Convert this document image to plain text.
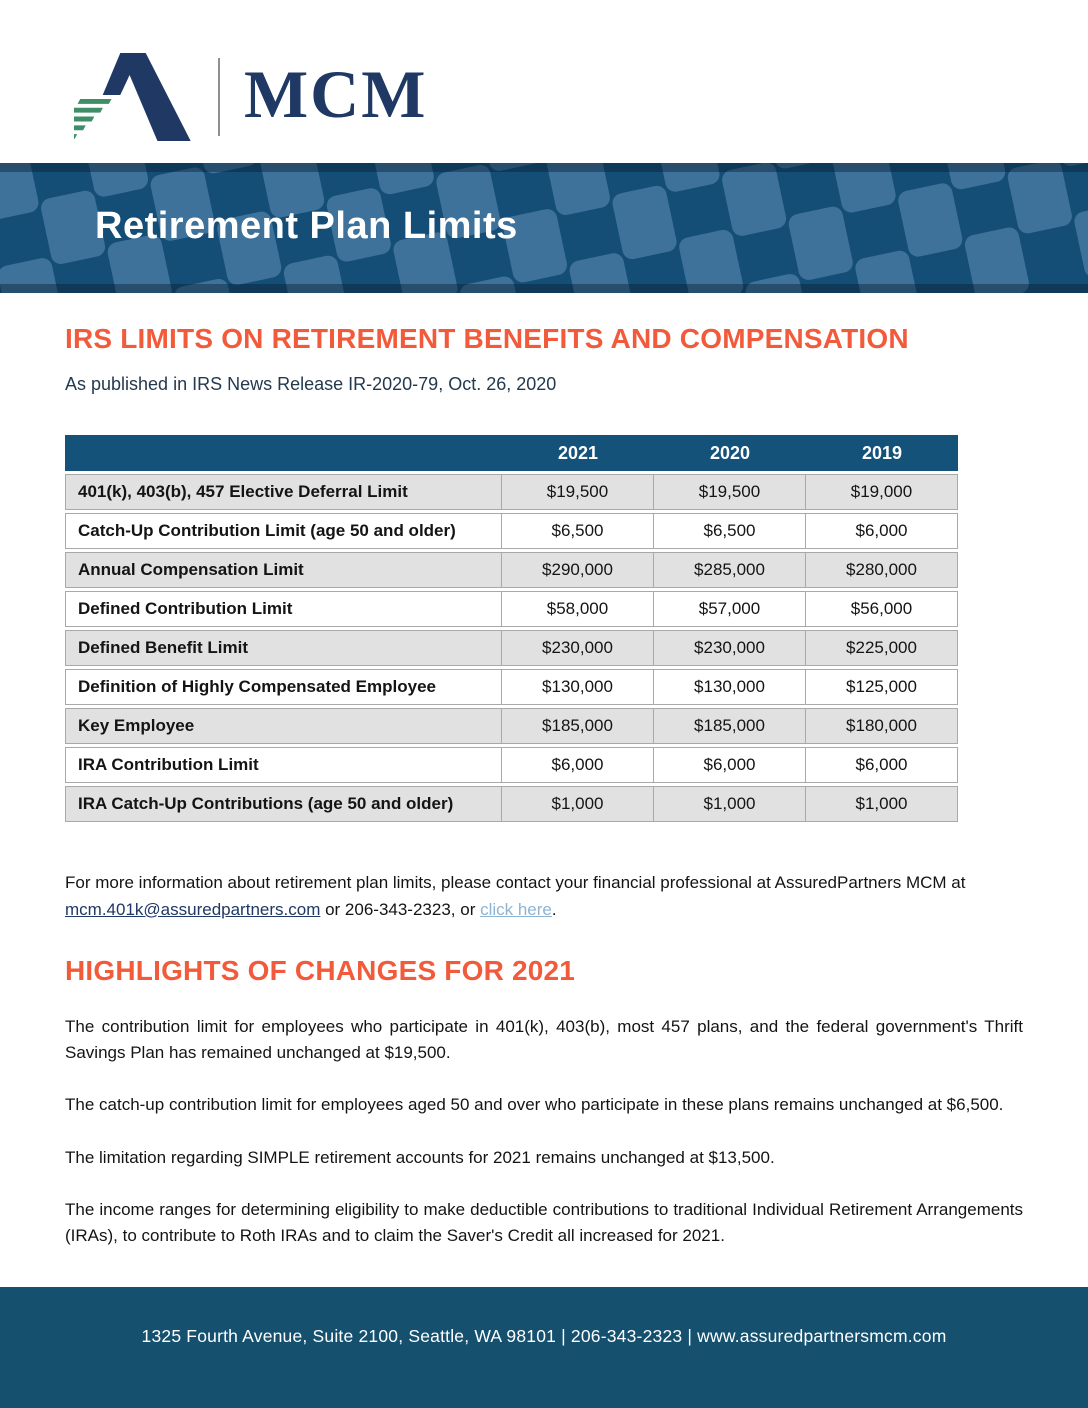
MCM
Retirement Plan Limits
IRS LIMITS ON RETIREMENT BENEFITS AND COMPENSATION

As published in IRS News Release IR-2020-79, Oct. 26, 2020

2021	2020	2019
401(k), 403(b), 457 Elective Deferral Limit	$19,500	$19,500	$19,000
Catch-Up Contribution Limit (age 50 and older)	$6,500	$6,500	$6,000
Annual Compensation Limit	$290,000	$285,000	$280,000
Defined Contribution Limit	$58,000	$57,000	$56,000
Defined Benefit Limit	$230,000	$230,000	$225,000
Definition of Highly Compensated Employee	$130,000	$130,000	$125,000
Key Employee	$185,000	$185,000	$180,000
IRA Contribution Limit	$6,000	$6,000	$6,000
IRA Catch-Up Contributions (age 50 and older)	$1,000	$1,000	$1,000

For more information about retirement plan limits, please contact your financial professional at AssuredPartners MCM at mcm.401k@assuredpartners.com or 206-343-2323, or click here.

HIGHLIGHTS OF CHANGES FOR 2021

The contribution limit for employees who participate in 401(k), 403(b), most 457 plans, and the federal government's Thrift Savings Plan has remained unchanged at $19,500.

The catch-up contribution limit for employees aged 50 and over who participate in these plans remains unchanged at $6,500.

The limitation regarding SIMPLE retirement accounts for 2021 remains unchanged at $13,500.

The income ranges for determining eligibility to make deductible contributions to traditional Individual Retirement Arrangements (IRAs), to contribute to Roth IRAs and to claim the Saver's Credit all increased for 2021.

1325 Fourth Avenue, Suite 2100, Seattle, WA 98101 | 206-343-2323 | www.assuredpartnersmcm.com
